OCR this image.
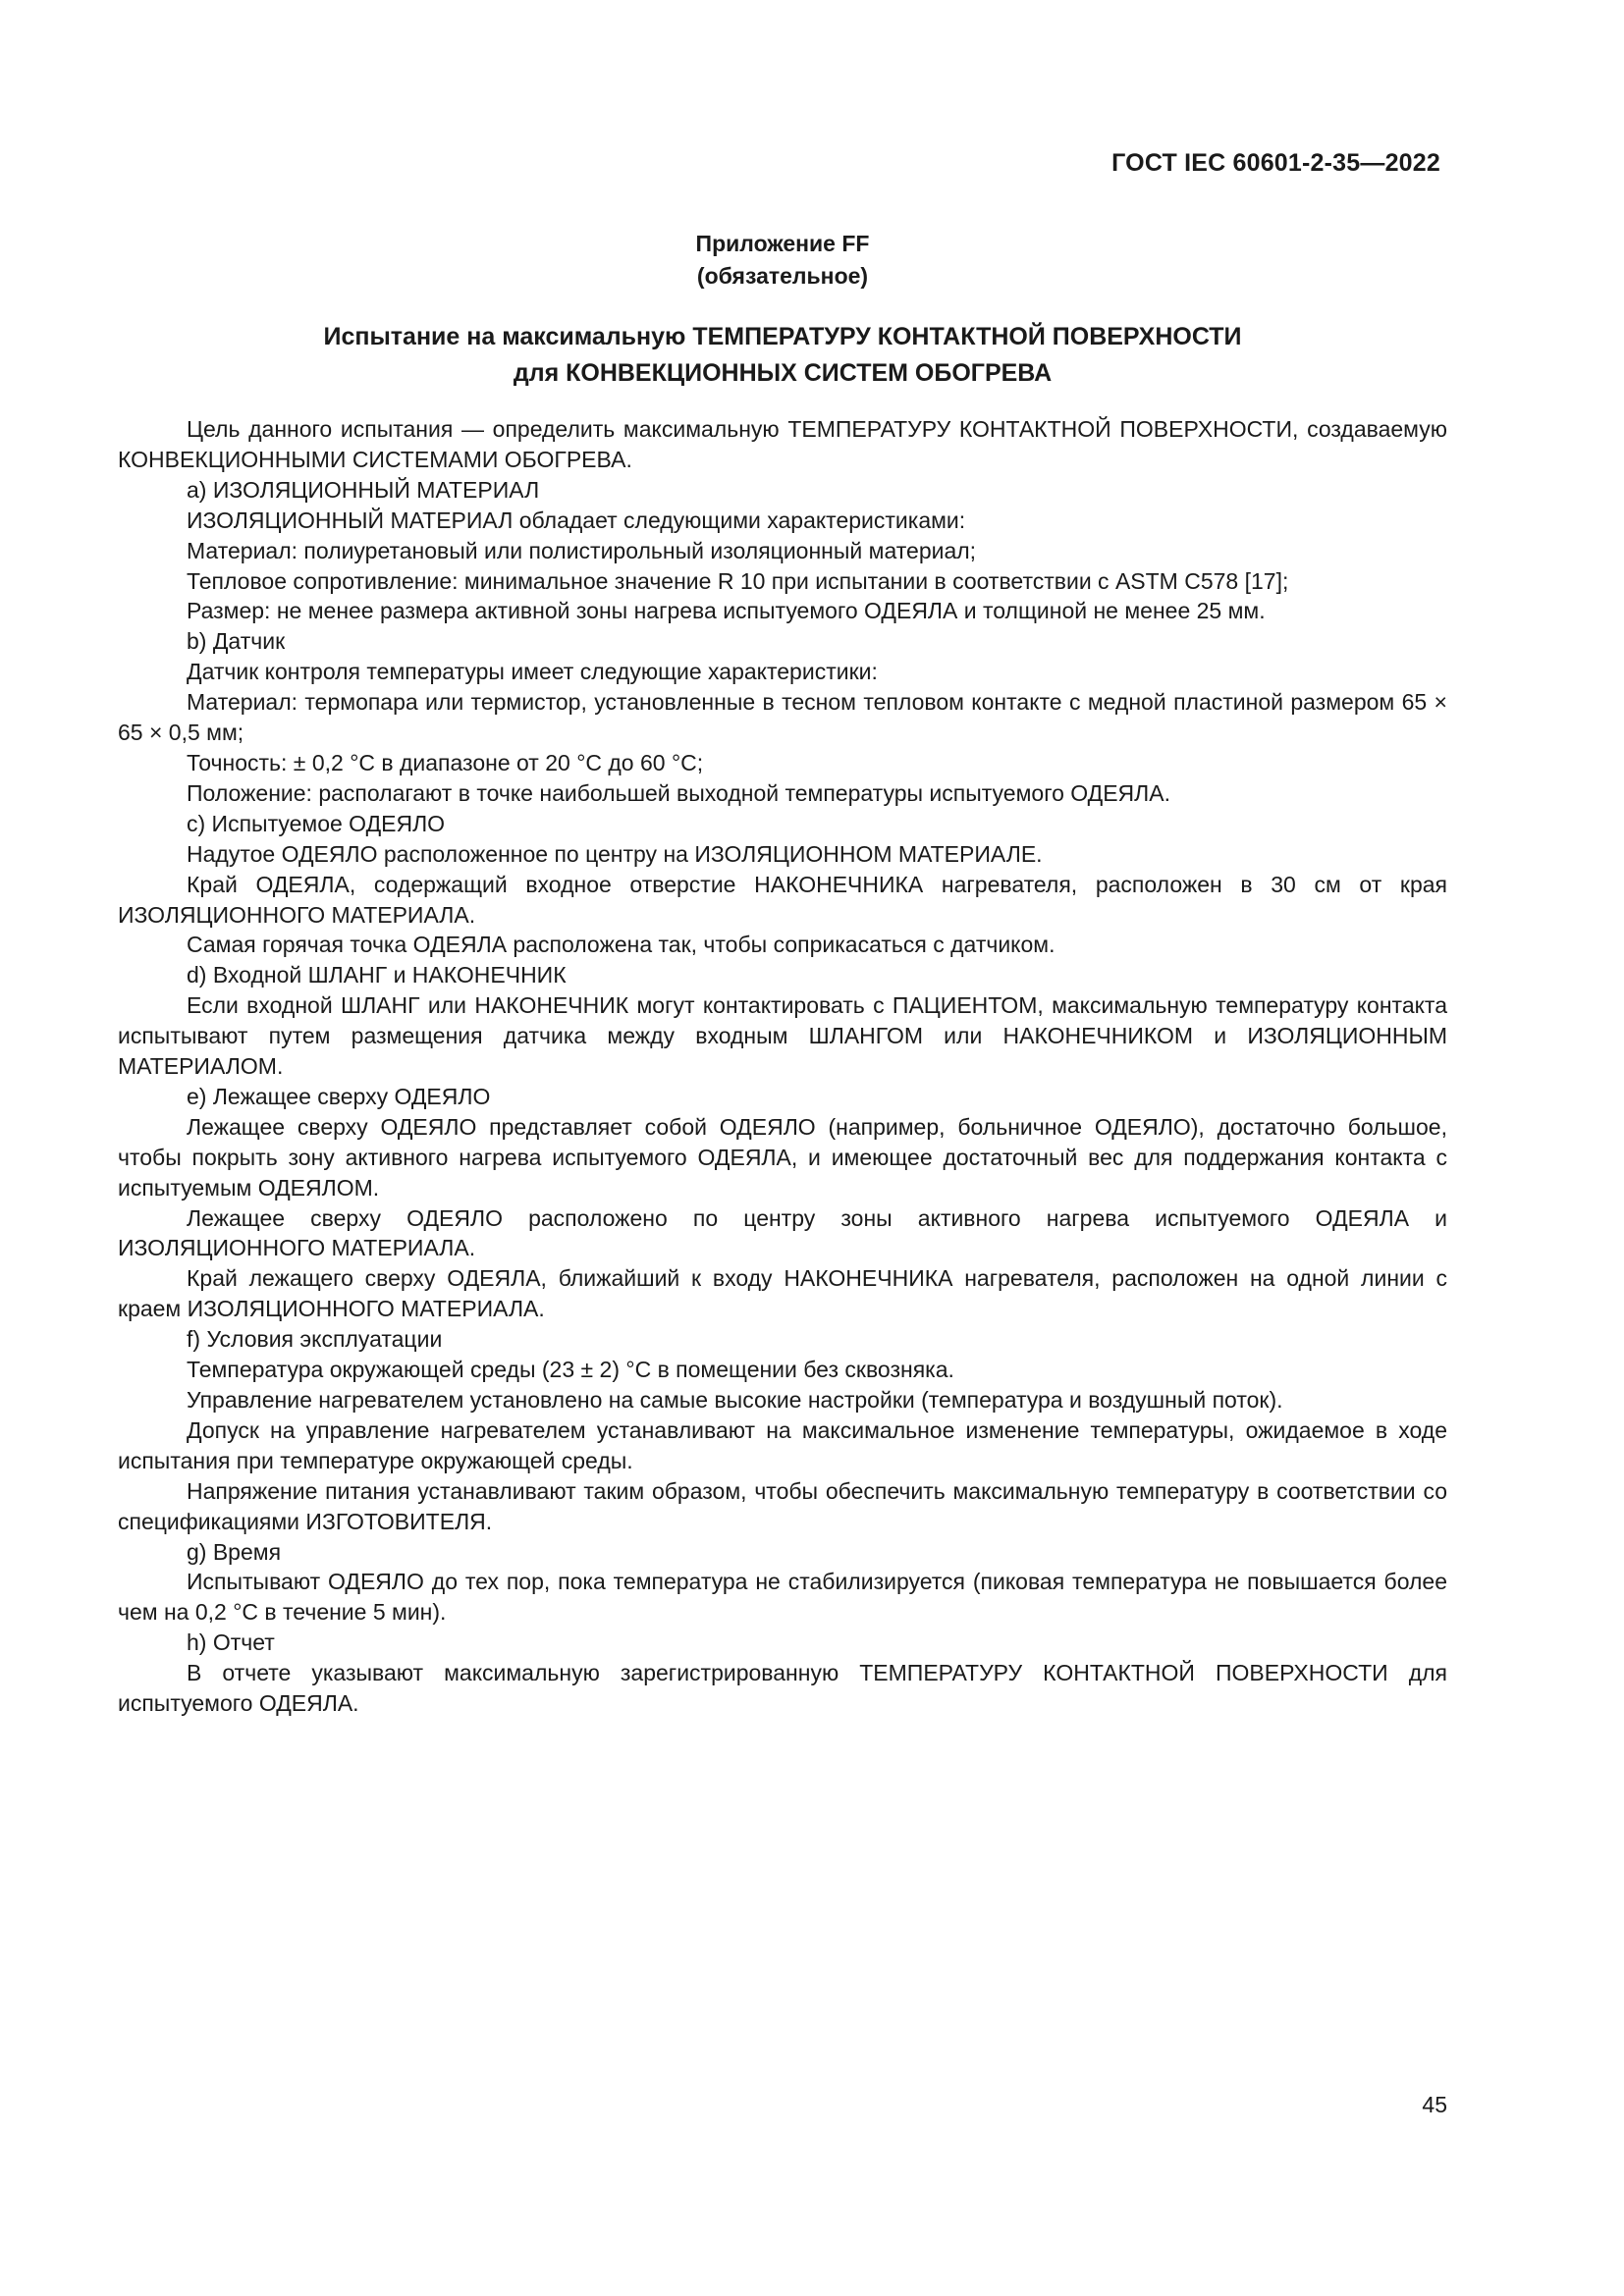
ГОСТ IEC 60601-2-35—2022
Приложение FF
(обязательное)
Испытание на максимальную ТЕМПЕРАТУРУ КОНТАКТНОЙ ПОВЕРХНОСТИ
для КОНВЕКЦИОННЫХ СИСТЕМ ОБОГРЕВА

Цель данного испытания — определить максимальную ТЕМПЕРАТУРУ КОНТАКТНОЙ ПОВЕРХНОСТИ, создаваемую КОНВЕКЦИОННЫМИ СИСТЕМАМИ ОБОГРЕВА.

a) ИЗОЛЯЦИОННЫЙ МАТЕРИАЛ

ИЗОЛЯЦИОННЫЙ МАТЕРИАЛ обладает следующими характеристиками:

Материал: полиуретановый или полистирольный изоляционный материал;

Тепловое сопротивление: минимальное значение R 10 при испытании в соответствии с ASTM C578 [17];

Размер: не менее размера активной зоны нагрева испытуемого ОДЕЯЛА и толщиной не менее 25 мм.

b) Датчик

Датчик контроля температуры имеет следующие характеристики:

Материал: термопара или термистор, установленные в тесном тепловом контакте с медной пластиной размером 65 × 65 × 0,5 мм;

Точность: ± 0,2 °С в диапазоне от 20 °С до 60 °С;

Положение: располагают в точке наибольшей выходной температуры испытуемого ОДЕЯЛА.

c) Испытуемое ОДЕЯЛО

Надутое ОДЕЯЛО расположенное по центру на ИЗОЛЯЦИОННОМ МАТЕРИАЛЕ.

Край ОДЕЯЛА, содержащий входное отверстие НАКОНЕЧНИКА нагревателя, расположен в 30 см от края ИЗОЛЯЦИОННОГО МАТЕРИАЛА.

Самая горячая точка ОДЕЯЛА расположена так, чтобы соприкасаться с датчиком.

d) Входной ШЛАНГ и НАКОНЕЧНИК

Если входной ШЛАНГ или НАКОНЕЧНИК могут контактировать с ПАЦИЕНТОМ, максимальную температуру контакта испытывают путем размещения датчика между входным ШЛАНГОМ или НАКОНЕЧНИКОМ и ИЗОЛЯЦИОННЫМ МАТЕРИАЛОМ.

e) Лежащее сверху ОДЕЯЛО

Лежащее сверху ОДЕЯЛО представляет собой ОДЕЯЛО (например, больничное ОДЕЯЛО), достаточно большое, чтобы покрыть зону активного нагрева испытуемого ОДЕЯЛА, и имеющее достаточный вес для поддержания контакта с испытуемым ОДЕЯЛОМ.

Лежащее сверху ОДЕЯЛО расположено по центру зоны активного нагрева испытуемого ОДЕЯЛА и ИЗОЛЯЦИОННОГО МАТЕРИАЛА.

Край лежащего сверху ОДЕЯЛА, ближайший к входу НАКОНЕЧНИКА нагревателя, расположен на одной линии с краем ИЗОЛЯЦИОННОГО МАТЕРИАЛА.

f) Условия эксплуатации

Температура окружающей среды (23 ± 2) °С в помещении без сквозняка.

Управление нагревателем установлено на самые высокие настройки (температура и воздушный поток).

Допуск на управление нагревателем устанавливают на максимальное изменение температуры, ожидаемое в ходе испытания при температуре окружающей среды.

Напряжение питания устанавливают таким образом, чтобы обеспечить максимальную температуру в соответствии со спецификациями ИЗГОТОВИТЕЛЯ.

g) Время

Испытывают ОДЕЯЛО до тех пор, пока температура не стабилизируется (пиковая температура не повышается более чем на 0,2 °С в течение 5 мин).

h) Отчет

В отчете указывают максимальную зарегистрированную ТЕМПЕРАТУРУ КОНТАКТНОЙ ПОВЕРХНОСТИ для испытуемого ОДЕЯЛА.

45
